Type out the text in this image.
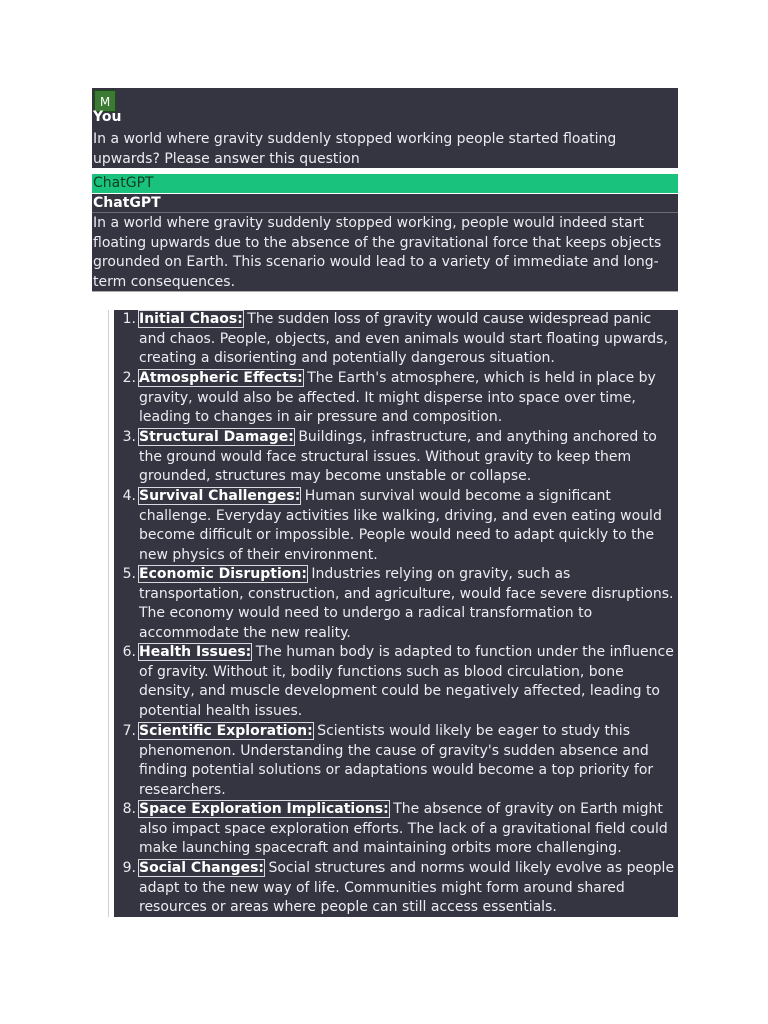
M
You
In a world where gravity suddenly stopped working people started floating upwards? Please answer this question
ChatGPT
ChatGPT
In a world where gravity suddenly stopped working, people would indeed start floating upwards due to the absence of the gravitational force that keeps objects grounded on Earth. This scenario would lead to a variety of immediate and long-term consequences.
1. Initial Chaos: The sudden loss of gravity would cause widespread panic and chaos. People, objects, and even animals would start floating upwards, creating a disorienting and potentially dangerous situation.
2. Atmospheric Effects: The Earth's atmosphere, which is held in place by gravity, would also be affected. It might disperse into space over time, leading to changes in air pressure and composition.
3. Structural Damage: Buildings, infrastructure, and anything anchored to the ground would face structural issues. Without gravity to keep them grounded, structures may become unstable or collapse.
4. Survival Challenges: Human survival would become a significant challenge. Everyday activities like walking, driving, and even eating would become difficult or impossible. People would need to adapt quickly to the new physics of their environment.
5. Economic Disruption: Industries relying on gravity, such as transportation, construction, and agriculture, would face severe disruptions. The economy would need to undergo a radical transformation to accommodate the new reality.
6. Health Issues: The human body is adapted to function under the influence of gravity. Without it, bodily functions such as blood circulation, bone density, and muscle development could be negatively affected, leading to potential health issues.
7. Scientific Exploration: Scientists would likely be eager to study this phenomenon. Understanding the cause of gravity's sudden absence and finding potential solutions or adaptations would become a top priority for researchers.
8. Space Exploration Implications: The absence of gravity on Earth might also impact space exploration efforts. The lack of a gravitational field could make launching spacecraft and maintaining orbits more challenging.
9. Social Changes: Social structures and norms would likely evolve as people adapt to the new way of life. Communities might form around shared resources or areas where people can still access essentials.
